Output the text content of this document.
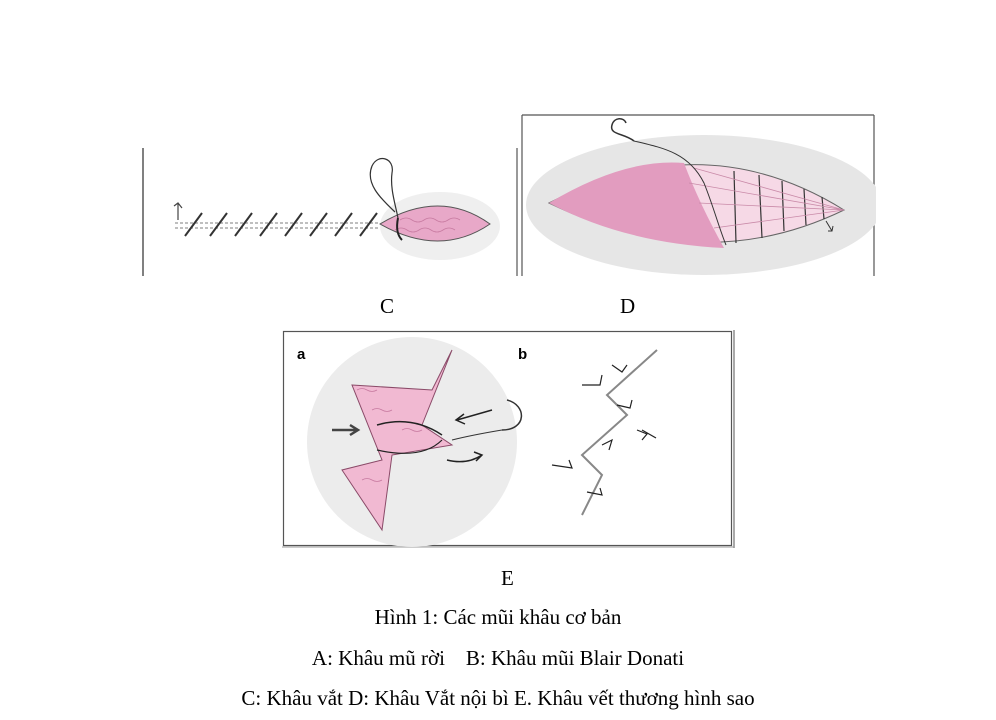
C	D
a	b
E
Hình 1: Các mũi khâu cơ bản
A: Khâu mũ rời    B: Khâu mũi Blair Donati
C: Khâu vắt D: Khâu Vắt nội bì E. Khâu vết thương hình sao
